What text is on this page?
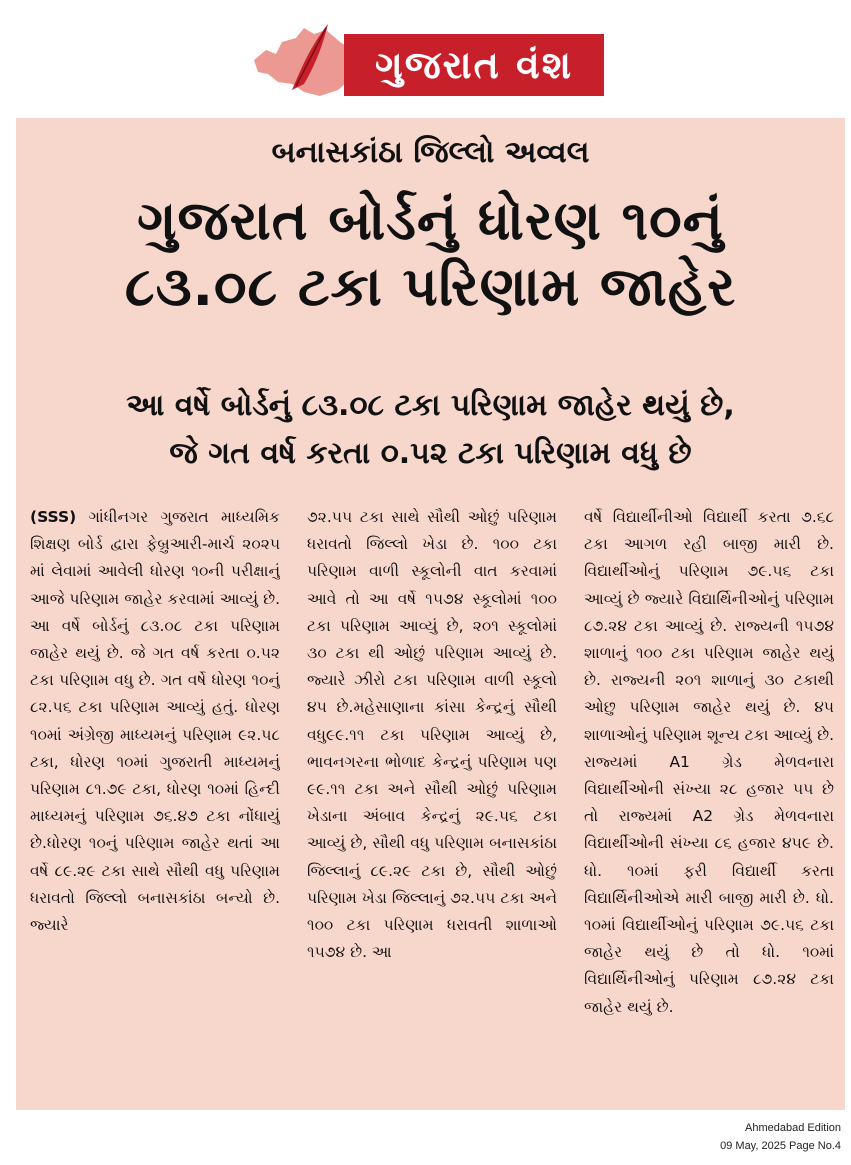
ગુજરાત વંશ
બનાસકાંઠા જિલ્લો અવ્વલ
ગુજરાત બોર્ડનું ધોરણ ૧૦નું
૮૩.૦૮ ટકા પરિણામ જાહેર
આ વર્ષે બોર્ડનું ૮૩.૦૮ ટકા પરિણામ જાહેર થયું છે,
જે ગત વર્ષ કરતા ૦.૫૨ ટકા પરિણામ વધુ છે
(SSS) ગાંધીનગર ગુજરાત માધ્યમિક શિક્ષણ બોર્ડ દ્વારા ફેબ્રુઆરી-માર્ચ ૨૦૨૫ માં લેવામાં આવેલી ધોરણ ૧૦ની પરીક્ષાનું આજે પરિણામ જાહેર કરવામાં આવ્યું છે. આ વર્ષે બોર્ડનું ૮૩.૦૮ ટકા પરિણામ જાહેર થયું છે. જે ગત વર્ષ કરતા ૦.૫૨ ટકા પરિણામ વધુ છે. ગત વર્ષે ધોરણ ૧૦નું ૮૨.૫૬ ટકા પરિણામ આવ્યું હતું. ધોરણ ૧૦માં અંગ્રેજી માધ્યમનું પરિણામ ૯૨.૫૮ ટકા, ધોરણ ૧૦માં ગુજરાતી માધ્યમનું પરિણામ ૮૧.૭૯ ટકા, ધોરણ ૧૦માં હિન્દી માધ્યમનું પરિણામ ૭૬.૪૭ ટકા નોંધાયું છે.ધોરણ ૧૦નું પરિણામ જાહેર થતાં આ વર્ષે ૮૯.૨૯ ટકા સાથે સૌથી વધુ પરિણામ ધરાવતો જિલ્લો બનાસકાંઠા બન્યો છે. જ્યારે
૭૨.૫૫ ટકા સાથે સૌથી ઓછું પરિણામ ધરાવતો જિલ્લો ખેડા છે. ૧૦૦ ટકા પરિણામ વાળી સ્કૂલોની વાત કરવામાં આવે તો આ વર્ષે ૧૫૭૪ સ્કૂલોમાં ૧૦૦ ટકા પરિણામ આવ્યું છે, ૨૦૧ સ્કૂલોમાં ૩૦ ટકા થી ઓછું પરિણામ આવ્યું છે. જ્યારે ઝીરો ટકા પરિણામ વાળી સ્કૂલો ૪૫ છે.મહેસાણાના કાંસા કેન્દ્રનું સૌથી વધુ૯૯.૧૧ ટકા પરિણામ આવ્યું છે, ભાવનગરના ભોળાદ કેન્દ્રનું પરિણામ પણ ૯૯.૧૧ ટકા અને સૌથી ઓછું પરિણામ ખેડાના અંબાવ કેન્દ્રનું ૨૯.૫૬ ટકા આવ્યું છે, સૌથી વધુ પરિણામ બનાસકાંઠા જિલ્લાનું ૮૯.૨૯ ટકા છે, સૌથી ઓછું પરિણામ ખેડા જિલ્લાનું ૭૨.૫૫ ટકા અને ૧૦૦ ટકા પરિણામ ધરાવતી શાળાઓ ૧૫૭૪ છે. આ
વર્ષે વિદ્યાર્થીનીઓ વિદ્યાર્થી કરતા ૭.૬૮ ટકા આગળ રહી બાજી મારી છે. વિદ્યાર્થીઓનું પરિણામ ૭૯.૫૬ ટકા આવ્યું છે જ્યારે વિદ્યાર્થિનીઓનું પરિણામ ૮૭.૨૪ ટકા આવ્યું છે. રાજ્યની ૧૫૭૪ શાળાનું ૧૦૦ ટકા પરિણામ જાહેર થયું છે. રાજ્યની ૨૦૧ શાળાનું ૩૦ ટકાથી ઓછુ પરિણામ જાહેર થયું છે. ૪૫ શાળાઓનું પરિણામ શૂન્ય ટકા આવ્યું છે. રાજ્યમાં A1 ગ્રેડ મેળવનારા વિદ્યાર્થીઓની સંખ્યા ૨૮ હજાર ૫૫ છે તો રાજ્યમાં A2 ગ્રેડ મેળવનારા વિદ્યાર્થીઓની સંખ્યા ૮૬ હજાર ૪૫૯ છે. ધો. ૧૦માં ફરી વિદ્યાર્થી કરતા વિદ્યાર્થિનીઓએ મારી બાજી મારી છે. ધો. ૧૦માં વિદ્યાર્થીઓનું પરિણામ ૭૯.૫૬ ટકા જાહેર થયું છે તો ધો. ૧૦માં વિદ્યાર્થિનીઓનું પરિણામ ૮૭.૨૪ ટકા જાહેર થયું છે.
Ahmedabad Edition
09 May, 2025 Page No.4
